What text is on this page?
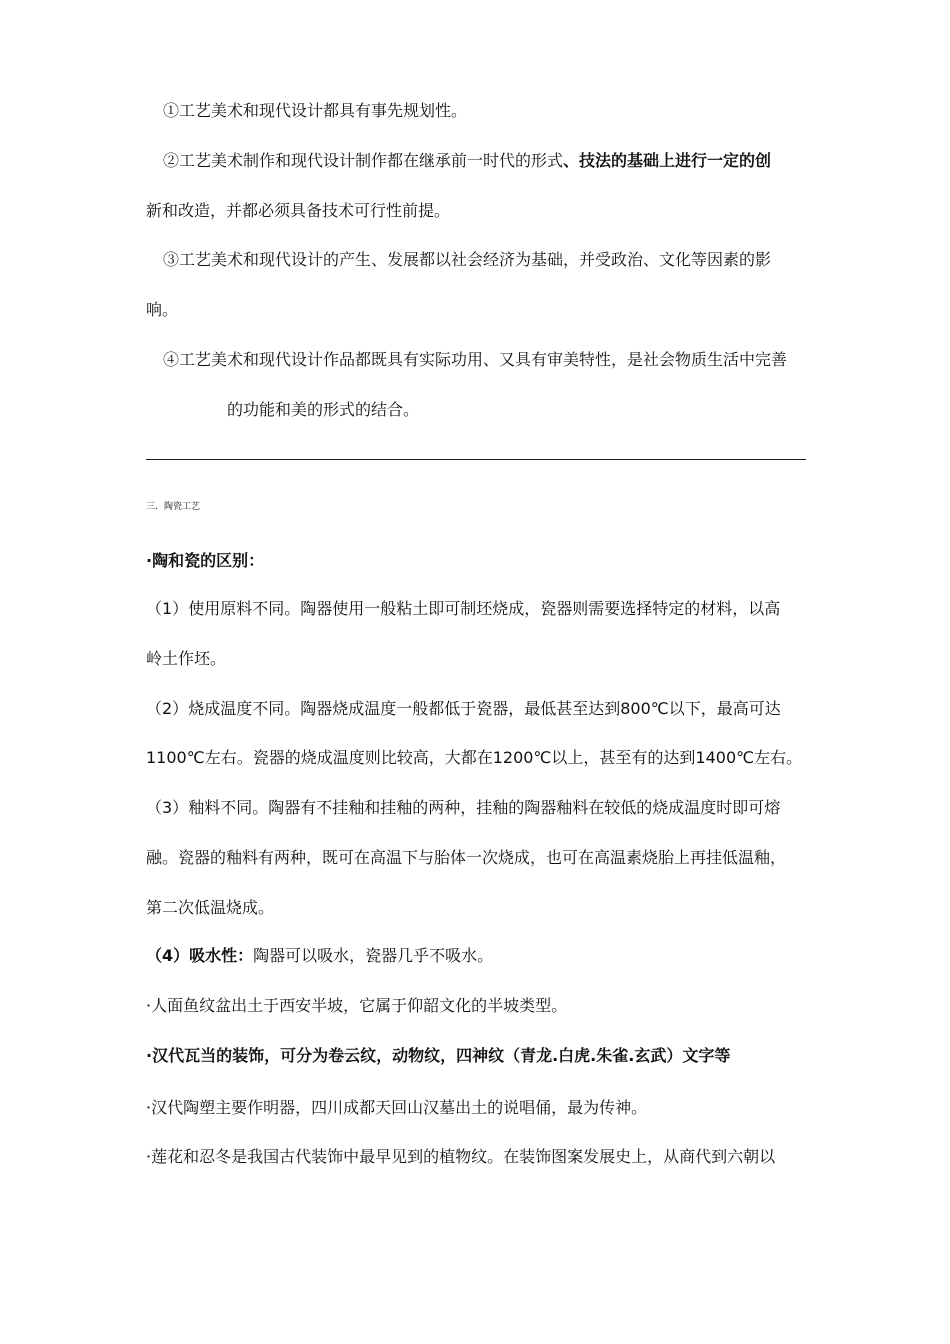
①工艺美术和现代设计都具有事先规划性。
②工艺美术制作和现代设计制作都在继承前一时代的形式、技法的基础上进行一定的创
新和改造，并都必须具备技术可行性前提。
③工艺美术和现代设计的产生、发展都以社会经济为基础，并受政治、文化等因素的影
响。
④工艺美术和现代设计作品都既具有实际功用、又具有审美特性，是社会物质生活中完善
的功能和美的形式的结合。
三．陶瓷工艺
·陶和瓷的区别：
（1）使用原料不同。陶器使用一般粘土即可制坯烧成，瓷器则需要选择特定的材料，以高
岭土作坯。
（2）烧成温度不同。陶器烧成温度一般都低于瓷器，最低甚至达到800℃以下，最高可达
1100℃左右。瓷器的烧成温度则比较高，大都在1200℃以上，甚至有的达到1400℃左右。
（3）釉料不同。陶器有不挂釉和挂釉的两种，挂釉的陶器釉料在较低的烧成温度时即可熔
融。瓷器的釉料有两种，既可在高温下与胎体一次烧成，也可在高温素烧胎上再挂低温釉，
第二次低温烧成。
（4）吸水性：陶器可以吸水，瓷器几乎不吸水。
·人面鱼纹盆出土于西安半坡，它属于仰韶文化的半坡类型。
·汉代瓦当的装饰，可分为卷云纹，动物纹，四神纹（青龙.白虎.朱雀.玄武）文字等
·汉代陶塑主要作明器，四川成都天回山汉墓出土的说唱俑，最为传神。
·莲花和忍冬是我国古代装饰中最早见到的植物纹。在装饰图案发展史上，从商代到六朝以
